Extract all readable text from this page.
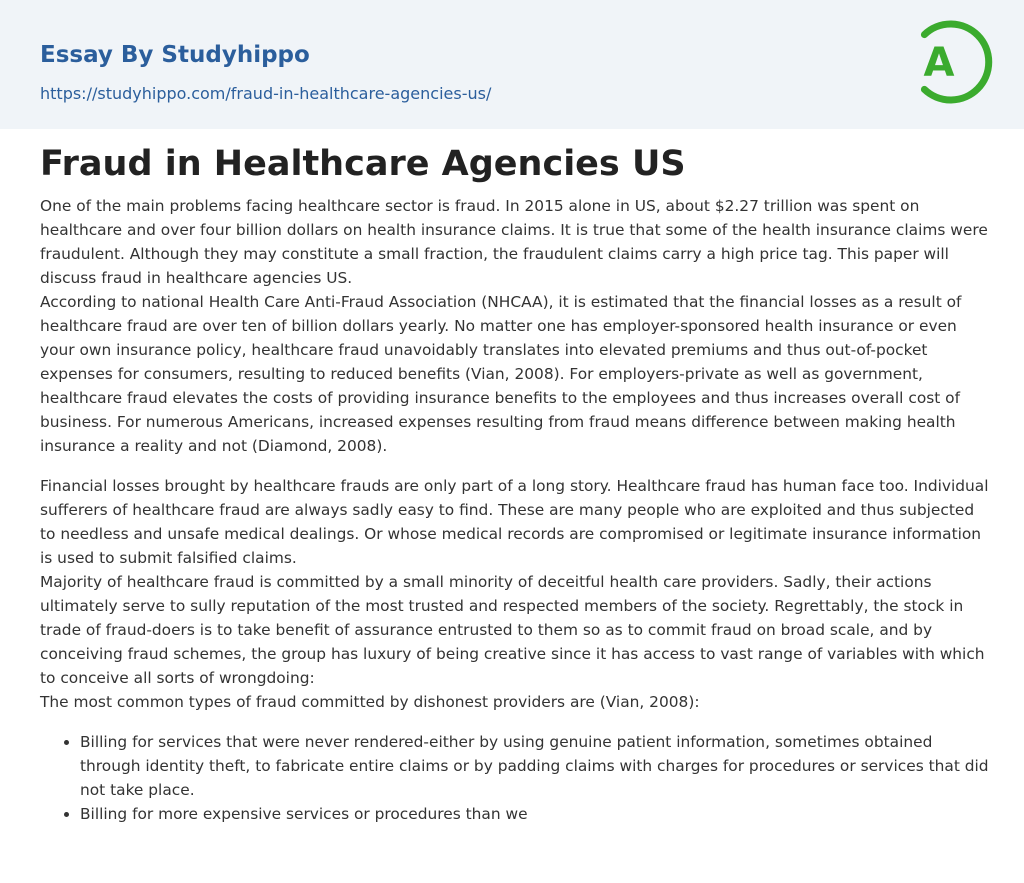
Essay By Studyhippo
https://studyhippo.com/fraud-in-healthcare-agencies-us/
A
Fraud in Healthcare Agencies US

One of the main problems facing healthcare sector is fraud. In 2015 alone in US, about $2.27 trillion was spent on healthcare and over four billion dollars on health insurance claims. It is true that some of the health insurance claims were fraudulent. Although they may constitute a small fraction, the fraudulent claims carry a high price tag. This paper will discuss fraud in healthcare agencies US.

According to national Health Care Anti-Fraud Association (NHCAA), it is estimated that the financial losses as a result of healthcare fraud are over ten of billion dollars yearly. No matter one has employer-sponsored health insurance or even your own insurance policy, healthcare fraud unavoidably translates into elevated premiums and thus out-of-pocket expenses for consumers, resulting to reduced benefits (Vian, 2008). For employers-private as well as government, healthcare fraud elevates the costs of providing insurance benefits to the employees and thus increases overall cost of business. For numerous Americans, increased expenses resulting from fraud means difference between making health insurance a reality and not (Diamond, 2008).

Financial losses brought by healthcare frauds are only part of a long story. Healthcare fraud has human face too. Individual sufferers of healthcare fraud are always sadly easy to find. These are many people who are exploited and thus subjected to needless and unsafe medical dealings. Or whose medical records are compromised or legitimate insurance information is used to submit falsified claims.

Majority of healthcare fraud is committed by a small minority of deceitful health care providers. Sadly, their actions ultimately serve to sully reputation of the most trusted and respected members of the society. Regrettably, the stock in trade of fraud-doers is to take benefit of assurance entrusted to them so as to commit fraud on broad scale, and by conceiving fraud schemes, the group has luxury of being creative since it has access to vast range of variables with which to conceive all sorts of wrongdoing:

The most common types of fraud committed by dishonest providers are (Vian, 2008):

• Billing for services that were never rendered-either by using genuine patient information, sometimes obtained through identity theft, to fabricate entire claims or by padding claims with charges for procedures or services that did not take place.
• Billing for more expensive services or procedures than we
